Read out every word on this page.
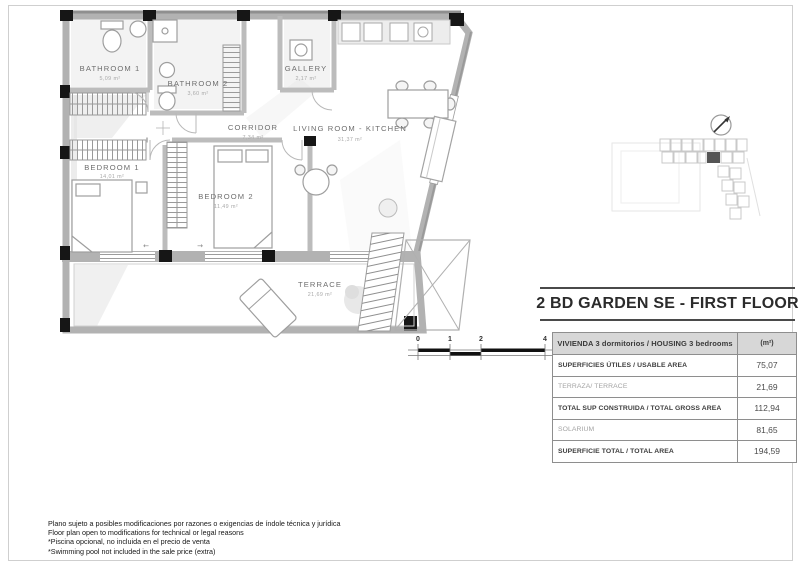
←	→
BATHROOM 1
5,09 m²	BATHROOM 2
3,60 m²
GALLERY
2,17 m²
CORRIDOR
7,34 m²
LIVING ROOM - KITCHEN
31,37 m²
BEDROOM 1
14,01 m²
BEDROOM 2
11,49 m²
TERRACE
21,69 m²
0	1	2	4
2 BD GARDEN SE - FIRST FLOOR
VIVIENDA 3 dormitorios / HOUSING 3 bedrooms	(m²)
SUPERFICIES ÚTILES / USABLE AREA	75,07
TERRAZA/ TERRACE	21,69
TOTAL SUP CONSTRUIDA / TOTAL GROSS AREA	112,94
SOLARIUM	81,65
SUPERFICIE TOTAL / TOTAL AREA	194,59
Plano sujeto a posibles modificaciones por razones o exigencias de índole técnica y jurídica
Floor plan open to modifications for technical or legal reasons
*Piscina opcional, no incluida en el precio de venta
*Swimming pool not included in the sale price (extra)
